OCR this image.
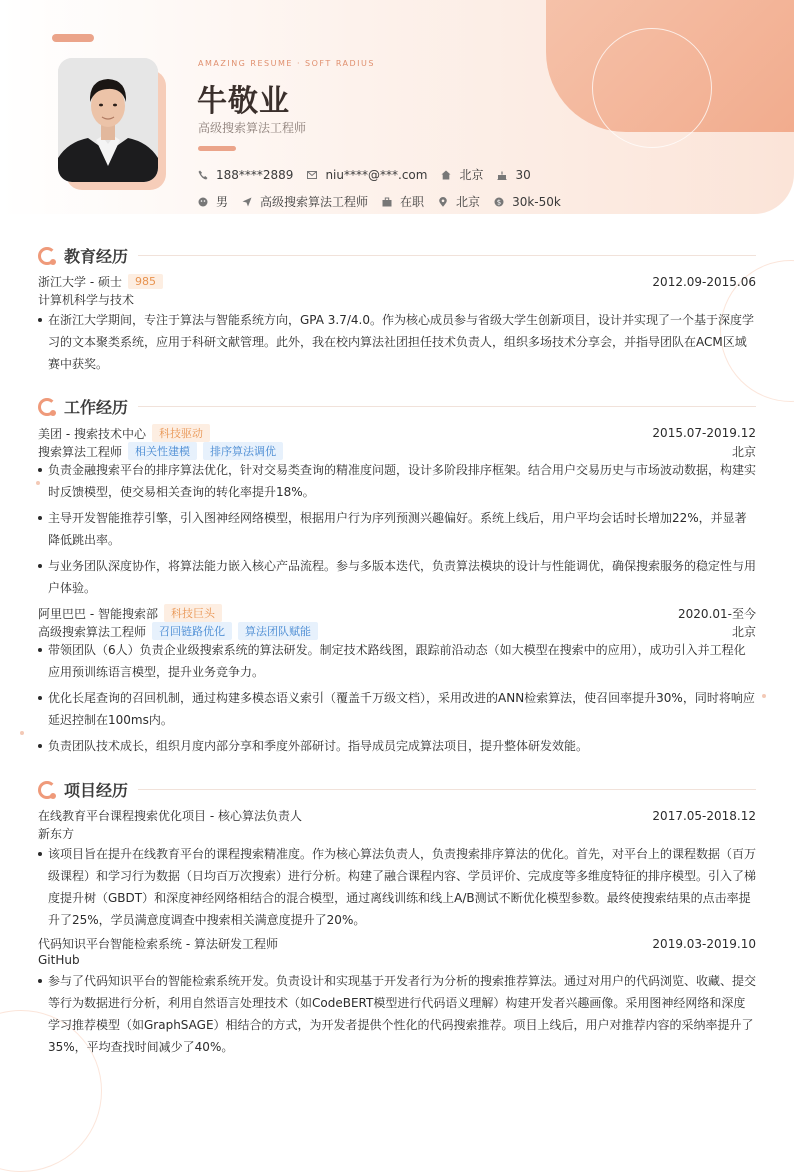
AMAZING RESUME · SOFT RADIUS
牛敬业
高级搜索算法工程师
188****2889	niu****@***.com	北京	30
男	高级搜索算法工程师	在职	北京 $ 30k-50k
教育经历
浙江大学 - 硕士	985	2012.09-2015.06
计算机科学与技术
在浙江大学期间，专注于算法与智能系统方向，GPA 3.7/4.0。作为核心成员参与省级大学生创新项目，设计并实现了一个基于深度学习的文本聚类系统，应用于科研文献管理。此外，我在校内算法社团担任技术负责人，组织多场技术分享会，并指导团队在ACM区域赛中获奖。
工作经历
美团 - 搜索技术中心	科技驱动	2015.07-2019.12
搜索算法工程师	相关性建模	排序算法调优	北京
负责金融搜索平台的排序算法优化，针对交易类查询的精准度问题，设计多阶段排序框架。结合用户交易历史与市场波动数据，构建实时反馈模型，使交易相关查询的转化率提升18%。
主导开发智能推荐引擎，引入图神经网络模型，根据用户行为序列预测兴趣偏好。系统上线后，用户平均会话时长增加22%，并显著降低跳出率。
与业务团队深度协作，将算法能力嵌入核心产品流程。参与多版本迭代，负责算法模块的设计与性能调优，确保搜索服务的稳定性与用户体验。
阿里巴巴 - 智能搜索部	科技巨头	2020.01-至今
高级搜索算法工程师	召回链路优化	算法团队赋能	北京
带领团队（6人）负责企业级搜索系统的算法研发。制定技术路线图，跟踪前沿动态（如大模型在搜索中的应用），成功引入并工程化应用预训练语言模型，提升业务竞争力。
优化长尾查询的召回机制，通过构建多模态语义索引（覆盖千万级文档），采用改进的ANN检索算法，使召回率提升30%，同时将响应延迟控制在100ms内。
负责团队技术成长，组织月度内部分享和季度外部研讨。指导成员完成算法项目，提升整体研发效能。
项目经历
在线教育平台课程搜索优化项目 - 核心算法负责人	2017.05-2018.12
新东方
该项目旨在提升在线教育平台的课程搜索精准度。作为核心算法负责人，负责搜索排序算法的优化。首先，对平台上的课程数据（百万级课程）和学习行为数据（日均百万次搜索）进行分析。构建了融合课程内容、学员评价、完成度等多维度特征的排序模型。引入了梯度提升树（GBDT）和深度神经网络相结合的混合模型，通过离线训练和线上A/B测试不断优化模型参数。最终使搜索结果的点击率提升了25%，学员满意度调查中搜索相关满意度提升了20%。
代码知识平台智能检索系统 - 算法研发工程师	2019.03-2019.10
GitHub
参与了代码知识平台的智能检索系统开发。负责设计和实现基于开发者行为分析的搜索推荐算法。通过对用户的代码浏览、收藏、提交等行为数据进行分析，利用自然语言处理技术（如CodeBERT模型进行代码语义理解）构建开发者兴趣画像。采用图神经网络和深度学习推荐模型（如GraphSAGE）相结合的方式，为开发者提供个性化的代码搜索推荐。项目上线后，用户对推荐内容的采纳率提升了35%，平均查找时间减少了40%。
